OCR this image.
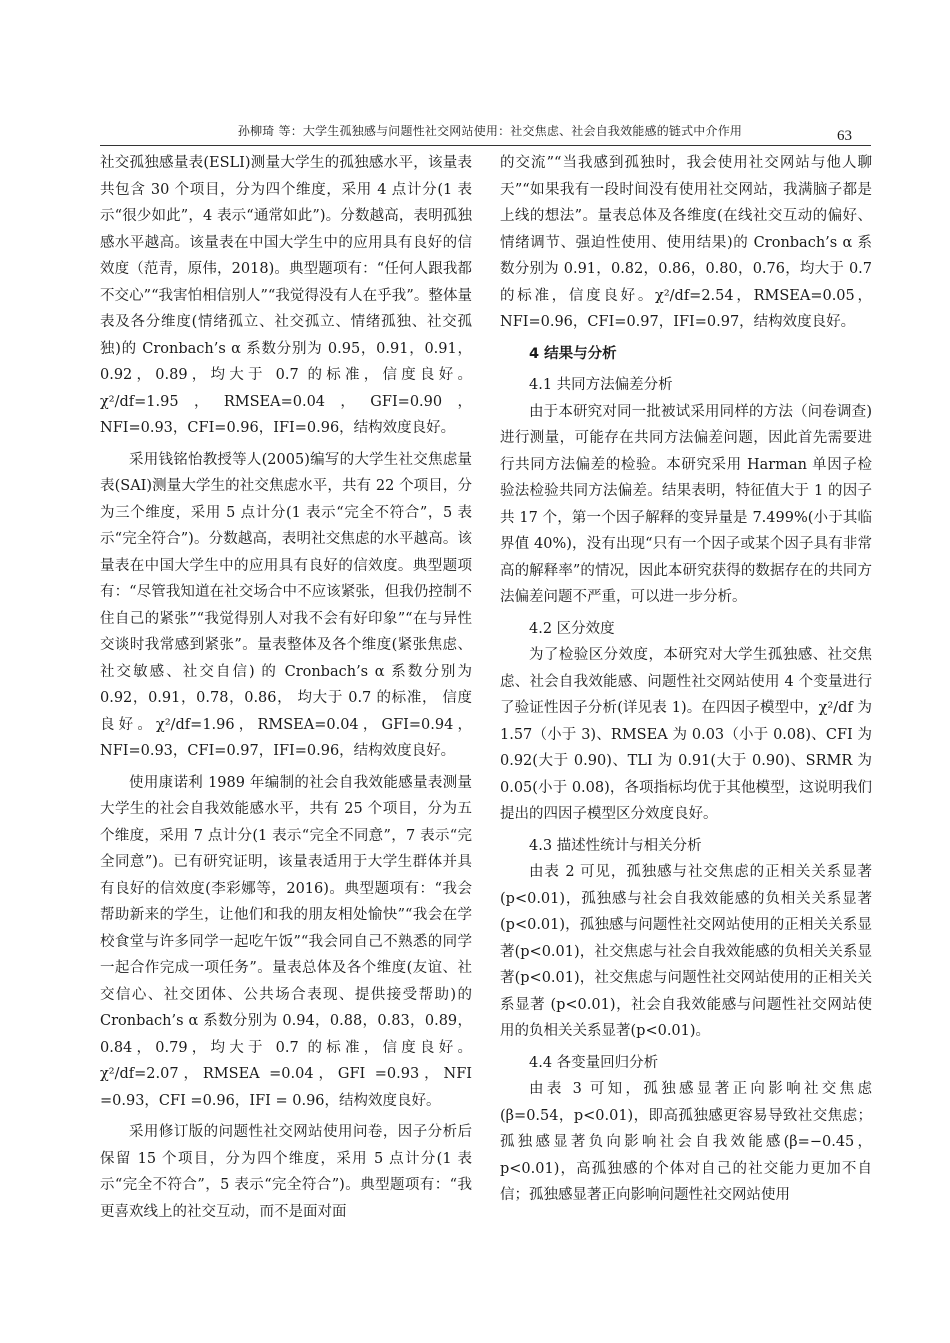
孙柳琦 等：大学生孤独感与问题性社交网站使用：社交焦虑、社会自我效能感的链式中介作用	63

社交孤独感量表(ESLI)测量大学生的孤独感水平，该量表共包含 30 个项目，分为四个维度，采用 4 点计分(1 表示“很少如此”，4 表示“通常如此”)。分数越高，表明孤独感水平越高。该量表在中国大学生中的应用具有良好的信效度（范青，原伟，2018)。典型题项有：“任何人跟我都不交心”“我害怕相信别人”“我觉得没有人在乎我”。整体量表及各分维度(情绪孤立、社交孤立、情绪孤独、社交孤独)的 Cronbach’s α 系数分别为 0.95，0.91，0.91，0.92，0.89，均大于 0.7 的标准，信度良好。 χ²/df=1.95，RMSEA=0.04，GFI=0.90，NFI=0.93，CFI=0.96，IFI=0.96，结构效度良好。

采用钱铭怡教授等人(2005)编写的大学生社交焦虑量表(SAI)测量大学生的社交焦虑水平，共有 22 个项目，分为三个维度，采用 5 点计分(1 表示“完全不符合”，5 表示“完全符合”)。分数越高，表明社交焦虑的水平越高。该量表在中国大学生中的应用具有良好的信效度。典型题项有：“尽管我知道在社交场合中不应该紧张，但我仍控制不住自己的紧张”“我觉得别人对我不会有好印象”“在与异性交谈时我常感到紧张”。量表整体及各个维度(紧张焦虑、社交敏感、社交自信) 的 Cronbach’s α 系数分别为 0.92，0.91，0.78，0.86， 均大于 0.7 的标准， 信度良好。χ²/df=1.96，RMSEA=0.04，GFI=0.94， NFI=0.93，CFI=0.97，IFI=0.96，结构效度良好。

使用康诺利 1989 年编制的社会自我效能感量表测量大学生的社会自我效能感水平，共有 25 个项目，分为五个维度，采用 7 点计分(1 表示“完全不同意”，7 表示“完全同意”)。已有研究证明，该量表适用于大学生群体并具有良好的信效度(李彩娜等，2016)。典型题项有：“我会帮助新来的学生，让他们和我的朋友相处愉快”“我会在学校食堂与许多同学一起吃午饭”“我会同自己不熟悉的同学一起合作完成一项任务”。量表总体及各个维度(友谊、社交信心、社交团体、公共场合表现、提供接受帮助)的 Cronbach’s α 系数分别为 0.94，0.88，0.83，0.89，0.84，0.79，均大于 0.7 的标准，信度良好。χ²/df=2.07，RMSEA =0.04，GFI =0.93，NFI =0.93，CFI =0.96，IFI = 0.96，结构效度良好。

采用修订版的问题性社交网站使用问卷，因子分析后保留 15 个项目，分为四个维度，采用 5 点计分(1 表示“完全不符合”，5 表示“完全符合”)。典型题项有：“我更喜欢线上的社交互动，而不是面对面

的交流”“当我感到孤独时，我会使用社交网站与他人聊天”“如果我有一段时间没有使用社交网站，我满脑子都是上线的想法”。量表总体及各维度(在线社交互动的偏好、情绪调节、强迫性使用、使用结果)的 Cronbach’s α 系数分别为 0.91，0.82，0.86，0.80，0.76，均大于 0.7 的标准，信度良好。χ²/df=2.54，RMSEA=0.05，NFI=0.96，CFI=0.97，IFI=0.97，结构效度良好。

4 结果与分析

4.1 共同方法偏差分析

由于本研究对同一批被试采用同样的方法（问卷调查)进行测量，可能存在共同方法偏差问题，因此首先需要进行共同方法偏差的检验。本研究采用 Harman 单因子检验法检验共同方法偏差。结果表明，特征值大于 1 的因子共 17 个，第一个因子解释的变异量是 7.499%(小于其临界值 40%)，没有出现“只有一个因子或某个因子具有非常高的解释率”的情况，因此本研究获得的数据存在的共同方法偏差问题不严重，可以进一步分析。

4.2 区分效度

为了检验区分效度，本研究对大学生孤独感、社交焦虑、社会自我效能感、问题性社交网站使用 4 个变量进行了验证性因子分析(详见表 1)。在四因子模型中，χ²/df 为 1.57（小于 3)、RMSEA 为 0.03（小于 0.08)、CFI 为 0.92(大于 0.90)、TLI 为 0.91(大于 0.90)、SRMR 为 0.05(小于 0.08)，各项指标均优于其他模型，这说明我们提出的四因子模型区分效度良好。

4.3 描述性统计与相关分析

由表 2 可见，孤独感与社交焦虑的正相关关系显著(p<0.01)，孤独感与社会自我效能感的负相关关系显著(p<0.01)，孤独感与问题性社交网站使用的正相关关系显著(p<0.01)，社交焦虑与社会自我效能感的负相关关系显著(p<0.01)，社交焦虑与问题性社交网站使用的正相关关系显著 (p<0.01)，社会自我效能感与问题性社交网站使用的负相关关系显著(p<0.01)。

4.4 各变量回归分析

由表 3 可知，孤独感显著正向影响社交焦虑(β=0.54，p<0.01)，即高孤独感更容易导致社交焦虑；孤独感显著负向影响社会自我效能感(β=−0.45，p<0.01)，高孤独感的个体对自己的社交能力更加不自信；孤独感显著正向影响问题性社交网站使用
